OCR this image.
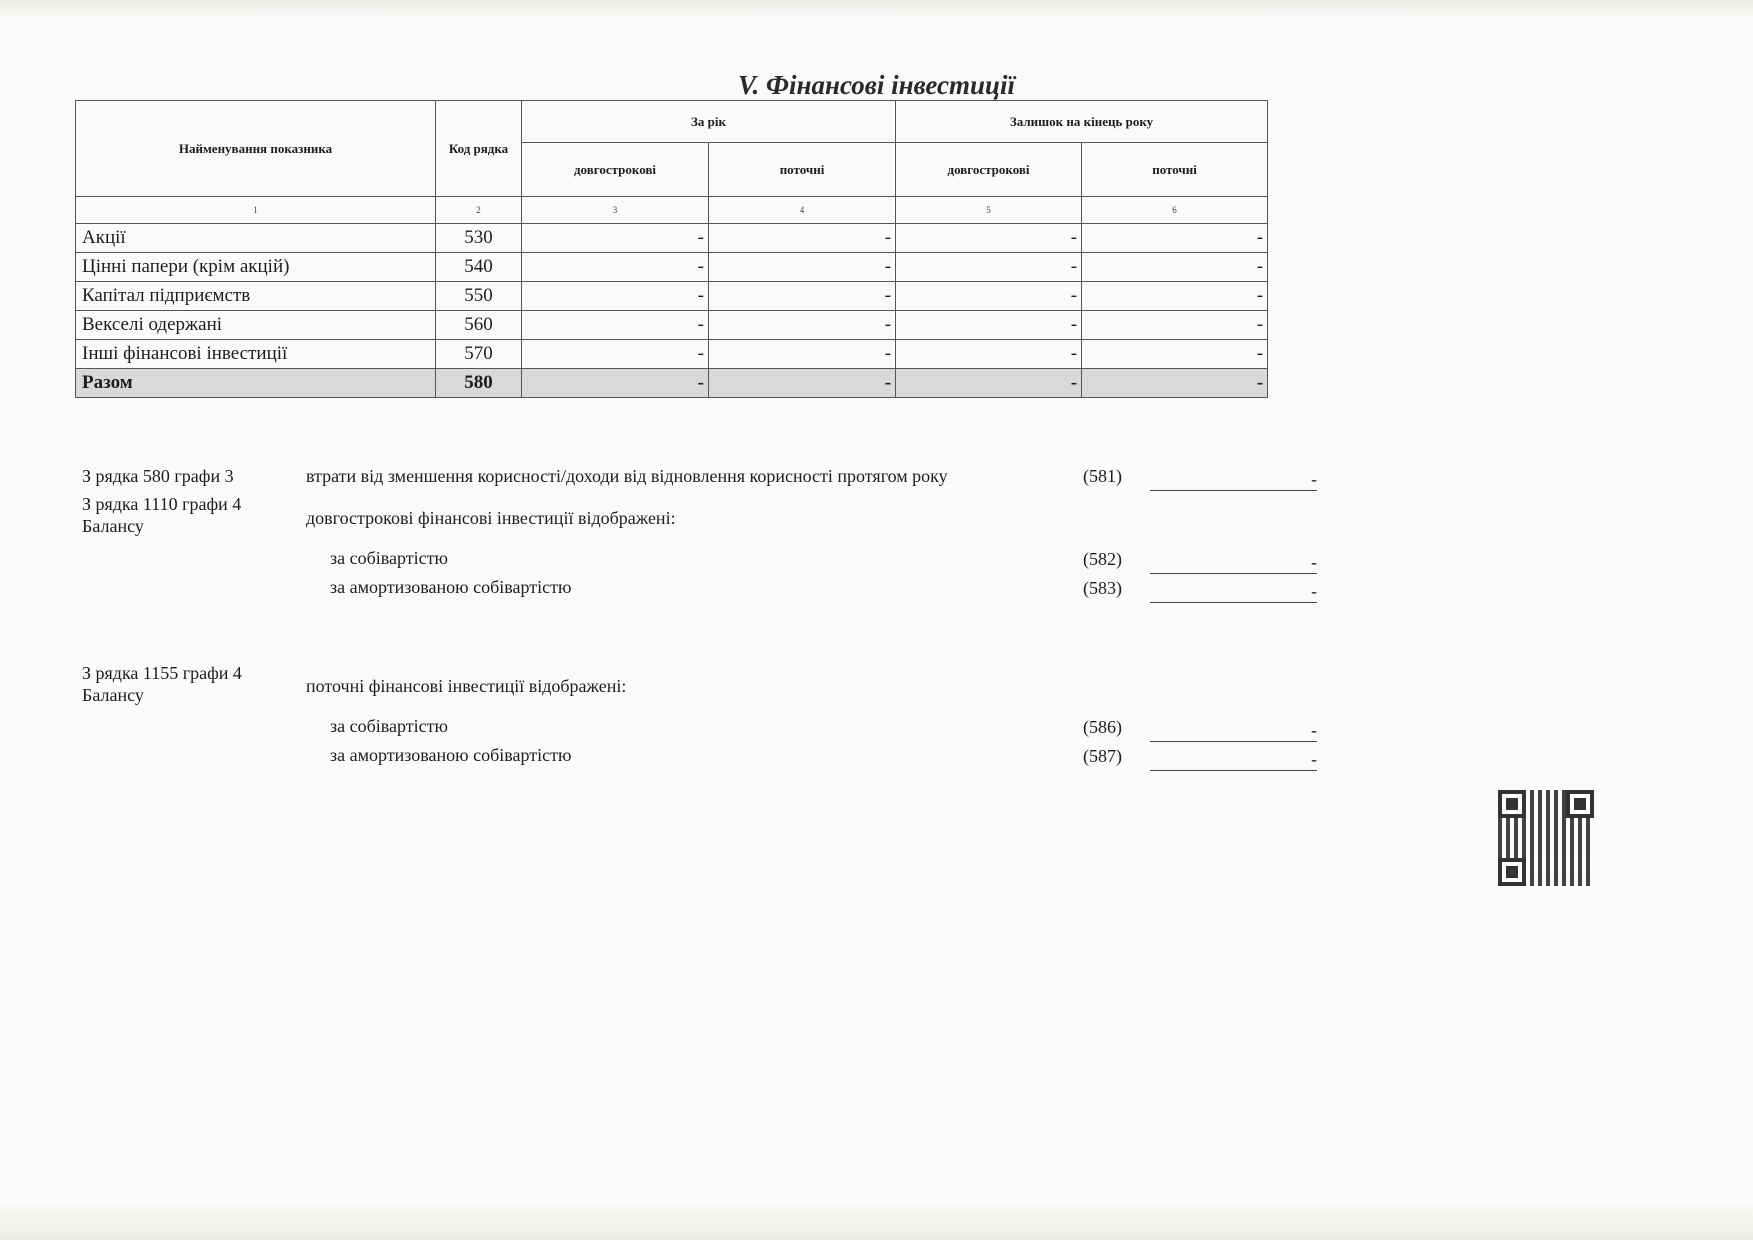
V. Фінансові інвестиції
Найменування показника	Код рядка	За рік		Залишок на кінець року	
		довгострокові	поточні	довгострокові	поточні
1	2	3	4	5	6
Акції	530	-	-	-	-
Цінні папери (крім акцій)	540	-	-	-	-
Капітал підприємств	550	-	-	-	-
Векселі одержані	560	-	-	-	-
Інші фінансові інвестиції	570	-	-	-	-
Разом	580	-	-	-	-
З рядка 580 графи 3	втрати від зменшення корисності/доходи від відновлення корисності протягом року	(581)	-
З рядка 1110 графи 4 Балансу	довгострокові фінансові інвестиції відображені:
за собівартістю	(582)	-
за амортизованою собівартістю	(583)	-
З рядка 1155 графи 4 Балансу	поточні фінансові інвестиції відображені:
за собівартістю	(586)	-
за амортизованою собівартістю	(587)	-
